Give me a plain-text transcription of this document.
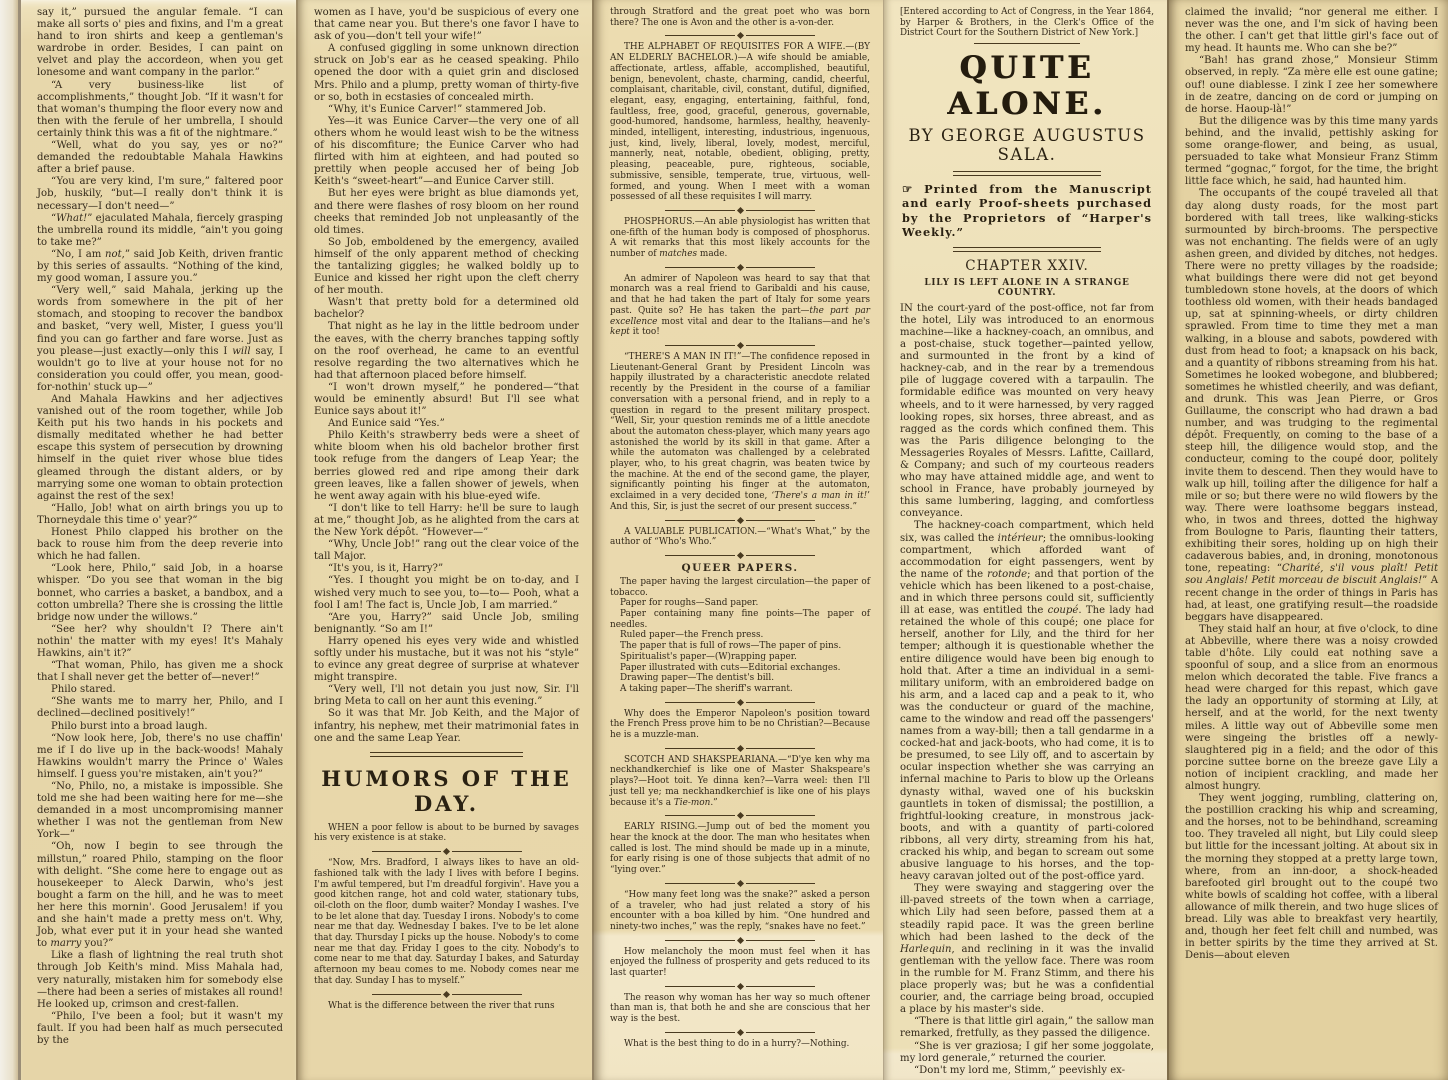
say it,” pursued the angular female. “I can make all sorts o' pies and fixins, and I'm a great hand to iron shirts and keep a gentleman's wardrobe in order. Besides, I can paint on velvet and play the accordeon, when you get lonesome and want company in the parlor.”
“A very business-like list of accomplishments,” thought Job. “If it wasn't for that woman's thumping the floor every now and then with the ferule of her umbrella, I should certainly think this was a fit of the nightmare.”
“Well, what do you say, yes or no?” demanded the redoubtable Mahala Hawkins after a brief pause.
“You are very kind, I'm sure,” faltered poor Job, huskily, “but—I really don't think it is necessary—I don't need—”
“What!” ejaculated Mahala, fiercely grasping the umbrella round its middle, “ain't you going to take me?”
“No, I am not,” said Job Keith, driven frantic by this series of assaults. “Nothing of the kind, my good woman, I assure you.”
“Very well,” said Mahala, jerking up the words from somewhere in the pit of her stomach, and stooping to recover the bandbox and basket, “very well, Mister, I guess you'll find you can go farther and fare worse. Just as you please—just exactly—only this I will say, I wouldn't go to live at your house not for no consideration you could offer, you mean, good-for-nothin' stuck up—”
And Mahala Hawkins and her adjectives vanished out of the room together, while Job Keith put his two hands in his pockets and dismally meditated whether he had better escape this system of persecution by drowning himself in the quiet river whose blue tides gleamed through the distant alders, or by marrying some one woman to obtain protection against the rest of the sex!
“Hallo, Job! what on airth brings you up to Thorneydale this time o' year?”
Honest Philo clapped his brother on the back to rouse him from the deep reverie into which he had fallen.
“Look here, Philo,” said Job, in a hoarse whisper. “Do you see that woman in the big bonnet, who carries a basket, a bandbox, and a cotton umbrella? There she is crossing the little bridge now under the willows.”
“See her? why shouldn't I? There ain't nothin' the matter with my eyes! It's Mahaly Hawkins, ain't it?”
“That woman, Philo, has given me a shock that I shall never get the better of—never!”
Philo stared.
“She wants me to marry her, Philo, and I declined—declined positively!”
Philo burst into a broad laugh.
“Now look here, Job, there's no use chaffin' me if I do live up in the back-woods! Mahaly Hawkins wouldn't marry the Prince o' Wales himself. I guess you're mistaken, ain't you?”
“No, Philo, no, a mistake is impossible. She told me she had been waiting here for me—she demanded in a most uncompromising manner whether I was not the gentleman from New York—”
“Oh, now I begin to see through the millstun,” roared Philo, stamping on the floor with delight. “She come here to engage out as housekeeper to Aleck Darwin, who's jest bought a farm on the hill, and he was to meet her here this mornin'. Good Jerusalem! if you and she hain't made a pretty mess on't. Why, Job, what ever put it in your head she wanted to marry you?”
Like a flash of lightning the real truth shot through Job Keith's mind. Miss Mahala had, very naturally, mistaken him for somebody else—there had been a series of mistakes all round! He looked up, crimson and crest-fallen.
“Philo, I've been a fool; but it wasn't my fault. If you had been half as much persecuted by the
women as I have, you'd be suspicious of every one that came near you. But there's one favor I have to ask of you—don't tell your wife!”
A confused giggling in some unknown direction struck on Job's ear as he ceased speaking. Philo opened the door with a quiet grin and disclosed Mrs. Philo and a plump, pretty woman of thirty-five or so, both in ecstasies of concealed mirth.
“Why, it's Eunice Carver!” stammered Job.
Yes—it was Eunice Carver—the very one of all others whom he would least wish to be the witness of his discomfiture; the Eunice Carver who had flirted with him at eighteen, and had pouted so prettily when people accused her of being Job Keith's “sweet-heart”—and Eunice Carver still.
But her eyes were bright as blue diamonds yet, and there were flashes of rosy bloom on her round cheeks that reminded Job not unpleasantly of the old times.
So Job, emboldened by the emergency, availed himself of the only apparent method of checking the tantalizing giggles; he walked boldly up to Eunice and kissed her right upon the cleft cherry of her mouth.
Wasn't that pretty bold for a determined old bachelor?
That night as he lay in the little bedroom under the eaves, with the cherry branches tapping softly on the roof overhead, he came to an eventful resolve regarding the two alternatives which he had that afternoon placed before himself.
“I won't drown myself,” he pondered—“that would be eminently absurd! But I'll see what Eunice says about it!”
And Eunice said “Yes.”
Philo Keith's strawberry beds were a sheet of white bloom when his old bachelor brother first took refuge from the dangers of Leap Year; the berries glowed red and ripe among their dark green leaves, like a fallen shower of jewels, when he went away again with his blue-eyed wife.
“I don't like to tell Harry: he'll be sure to laugh at me,” thought Job, as he alighted from the cars at the New York dépôt. “However—”
“Why, Uncle Job!” rang out the clear voice of the tall Major.
“It's you, is it, Harry?”
“Yes. I thought you might be on to-day, and I wished very much to see you, to—to— Pooh, what a fool I am! The fact is, Uncle Job, I am married.”
“Are you, Harry?” said Uncle Job, smiling benignantly. “So am I!”
Harry opened his eyes very wide and whistled softly under his mustache, but it was not his “style” to evince any great degree of surprise at whatever might transpire.
“Very well, I'll not detain you just now, Sir. I'll bring Meta to call on her aunt this evening.”
So it was that Mr. Job Keith, and the Major of infantry, his nephew, met their matrimonial fates in one and the same Leap Year.
HUMORS OF THE DAY.
WHEN a poor fellow is about to be burned by savages his very existence is at stake.
“Now, Mrs. Bradford, I always likes to have an old-fashioned talk with the lady I lives with before I begins. I'm awful tempered, but I'm dreadful forgivin'. Have you a good kitchen range, hot and cold water, stationary tubs, oil-cloth on the floor, dumb waiter? Monday I washes. I've to be let alone that day. Tuesday I irons. Nobody's to come near me that day. Wednesday I bakes. I've to be let alone that day. Thursday I picks up the house. Nobody's to come near me that day. Friday I goes to the city. Nobody's to come near to me that day. Saturday I bakes, and Saturday afternoon my beau comes to me. Nobody comes near me that day. Sunday I has to myself.”
What is the difference between the river that runs
through Stratford and the great poet who was born there? The one is Avon and the other is a-von-der.
THE ALPHABET OF REQUISITES FOR A WIFE.—(BY AN ELDERLY BACHELOR.)—A wife should be amiable, affectionate, artless, affable, accomplished, beautiful, benign, benevolent, chaste, charming, candid, cheerful, complaisant, charitable, civil, constant, dutiful, dignified, elegant, easy, engaging, entertaining, faithful, fond, faultless, free, good, graceful, generous, governable, good-humored, handsome, harmless, healthy, heavenly-minded, intelligent, interesting, industrious, ingenuous, just, kind, lively, liberal, lovely, modest, merciful, mannerly, neat, notable, obedient, obliging, pretty, pleasing, peaceable, pure, righteous, sociable, submissive, sensible, temperate, true, virtuous, well-formed, and young. When I meet with a woman possessed of all these requisites I will marry.
PHOSPHORUS.—An able physiologist has written that one-fifth of the human body is composed of phosphorus. A wit remarks that this most likely accounts for the number of matches made.
An admirer of Napoleon was heard to say that that monarch was a real friend to Garibaldi and his cause, and that he had taken the part of Italy for some years past. Quite so? He has taken the part—the part par excellence most vital and dear to the Italians—and he's kept it too!
“THERE'S A MAN IN IT!”—The confidence reposed in Lieutenant-General Grant by President Lincoln was happily illustrated by a characteristic anecdote related recently by the President in the course of a familiar conversation with a personal friend, and in reply to a question in regard to the present military prospect. “Well, Sir, your question reminds me of a little anecdote about the automaton chess-player, which many years ago astonished the world by its skill in that game. After a while the automaton was challenged by a celebrated player, who, to his great chagrin, was beaten twice by the machine. At the end of the second game, the player, significantly pointing his finger at the automaton, exclaimed in a very decided tone, ‘There's a man in it!’ And this, Sir, is just the secret of our present success.”
A VALUABLE PUBLICATION.—“What's What,” by the author of “Who's Who.”
QUEER PAPERS.
The paper having the largest circulation—the paper of tobacco.
Paper for roughs—Sand paper.
Paper containing many fine points—The paper of needles.
Ruled paper—the French press.
The paper that is full of rows—The paper of pins.
Spiritualist's paper—(W)rapping paper.
Paper illustrated with cuts—Editorial exchanges.
Drawing paper—The dentist's bill.
A taking paper—The sheriff's warrant.
Why does the Emperor Napoleon's position toward the French Press prove him to be no Christian?—Because he is a muzzle-man.
SCOTCH AND SHAKSPEARIANA.—“D'ye ken why ma neckhandkerchief is like one of Master Shakspeare's plays?—Hoot toit. Ye dinna ken?—Varra weel: then I'll just tell ye; ma neckhandkerchief is like one of his plays because it's a Tie-mon.”
EARLY RISING.—Jump out of bed the moment you hear the knock at the door. The man who hesitates when called is lost. The mind should be made up in a minute, for early rising is one of those subjects that admit of no “lying over.”
“How many feet long was the snake?” asked a person of a traveler, who had just related a story of his encounter with a boa killed by him. “One hundred and ninety-two inches,” was the reply, “snakes have no feet.”
How melancholy the moon must feel when it has enjoyed the fullness of prosperity and gets reduced to its last quarter!
The reason why woman has her way so much oftener than man is, that both he and she are conscious that her way is the best.
What is the best thing to do in a hurry?—Nothing.
[Entered according to Act of Congress, in the Year 1864, by Harper & Brothers, in the Clerk's Office of the District Court for the Southern District of New York.]
QUITE ALONE.
BY GEORGE AUGUSTUS SALA.
☞ Printed from the Manuscript and early Proof-sheets purchased by the Proprietors of “Harper's Weekly.”
CHAPTER XXIV.
LILY IS LEFT ALONE IN A STRANGE COUNTRY.
IN the court-yard of the post-office, not far from the hotel, Lily was introduced to an enormous machine—like a hackney-coach, an omnibus, and a post-chaise, stuck together—painted yellow, and surmounted in the front by a kind of hackney-cab, and in the rear by a tremendous pile of luggage covered with a tarpaulin. The formidable edifice was mounted on very heavy wheels, and to it were harnessed, by very ragged looking ropes, six horses, three abreast, and as ragged as the cords which confined them. This was the Paris diligence belonging to the Messageries Royales of Messrs. Lafitte, Caillard, & Company; and such of my courteous readers who may have attained middle age, and went to school in France, have probably journeyed by this same lumbering, lagging, and comfortless conveyance.
The hackney-coach compartment, which held six, was called the intérieur; the omnibus-looking compartment, which afforded want of accommodation for eight passengers, went by the name of the rotonde; and that portion of the vehicle which has been likened to a post-chaise, and in which three persons could sit, sufficiently ill at ease, was entitled the coupé. The lady had retained the whole of this coupé; one place for herself, another for Lily, and the third for her temper; although it is questionable whether the entire diligence would have been big enough to hold that. After a time an individual in a semi-military uniform, with an embroidered badge on his arm, and a laced cap and a peak to it, who was the conducteur or guard of the machine, came to the window and read off the passengers' names from a way-bill; then a tall gendarme in a cocked-hat and jack-boots, who had come, it is to be presumed, to see Lily off, and to ascertain by ocular inspection whether she was carrying an infernal machine to Paris to blow up the Orleans dynasty withal, waved one of his buckskin gauntlets in token of dismissal; the postillion, a frightful-looking creature, in monstrous jack-boots, and with a quantity of parti-colored ribbons, all very dirty, streaming from his hat, cracked his whip, and began to scream out some abusive language to his horses, and the top-heavy caravan jolted out of the post-office yard.
They were swaying and staggering over the ill-paved streets of the town when a carriage, which Lily had seen before, passed them at a steadily rapid pace. It was the green berline which had been lashed to the deck of the Harlequin, and reclining in it was the invalid gentleman with the yellow face. There was room in the rumble for M. Franz Stimm, and there his place properly was; but he was a confidential courier, and, the carriage being broad, occupied a place by his master's side.
“There is that little girl again,” the sallow man remarked, fretfully, as they passed the diligence.
“She is ver graziosa; I gif her some joggolate, my lord generale,” returned the courier.
“Don't my lord me, Stimm,” peevishly ex-
claimed the invalid; “nor general me either. I never was the one, and I'm sick of having been the other. I can't get that little girl's face out of my head. It haunts me. Who can she be?”
“Bah! has grand zhose,” Monsieur Stimm observed, in reply. “Za mère elle est oune gatine; ouf! oune diablesse. I zink I zee her somewhere in de zeatre, dancing on de cord or jumping on de horse. Haoup-là!”
But the diligence was by this time many yards behind, and the invalid, pettishly asking for some orange-flower, and being, as usual, persuaded to take what Monsieur Franz Stimm termed “gognac,” forgot, for the time, the bright little face which, he said, had haunted him.
The occupants of the coupé traveled all that day along dusty roads, for the most part bordered with tall trees, like walking-sticks surmounted by birch-brooms. The perspective was not enchanting. The fields were of an ugly ashen green, and divided by ditches, not hedges. There were no pretty villages by the roadside; what buildings there were did not get beyond tumbledown stone hovels, at the doors of which toothless old women, with their heads bandaged up, sat at spinning-wheels, or dirty children sprawled. From time to time they met a man walking, in a blouse and sabots, powdered with dust from head to foot; a knapsack on his back, and a quantity of ribbons streaming from his hat. Sometimes he looked wobegone, and blubbered; sometimes he whistled cheerily, and was defiant, and drunk. This was Jean Pierre, or Gros Guillaume, the conscript who had drawn a bad number, and was trudging to the regimental dépôt. Frequently, on coming to the base of a steep hill, the diligence would stop, and the conducteur, coming to the coupé door, politely invite them to descend. Then they would have to walk up hill, toiling after the diligence for half a mile or so; but there were no wild flowers by the way. There were loathsome beggars instead, who, in twos and threes, dotted the highway from Boulogne to Paris, flaunting their tatters, exhibiting their sores, holding up on high their cadaverous babies, and, in droning, monotonous tone, repeating: “Charité, s'il vous plaît! Petit sou Anglais! Petit morceau de biscuit Anglais!” A recent change in the order of things in Paris has had, at least, one gratifying result—the roadside beggars have disappeared.
They staid half an hour, at five o'clock, to dine at Abbeville, where there was a noisy crowded table d'hôte. Lily could eat nothing save a spoonful of soup, and a slice from an enormous melon which decorated the table. Five francs a head were charged for this repast, which gave the lady an opportunity of storming at Lily, at herself, and at the world, for the next twenty miles. A little way out of Abbeville some men were singeing the bristles off a newly-slaughtered pig in a field; and the odor of this porcine suttee borne on the breeze gave Lily a notion of incipient crackling, and made her almost hungry.
They went jogging, rumbling, clattering on, the postillion cracking his whip and screaming, and the horses, not to be behindhand, screaming too. They traveled all night, but Lily could sleep but little for the incessant jolting. At about six in the morning they stopped at a pretty large town, where, from an inn-door, a shock-headed barefooted girl brought out to the coupé two white bowls of scalding hot coffee, with a liberal allowance of milk therein, and two huge slices of bread. Lily was able to breakfast very heartily, and, though her feet felt chill and numbed, was in better spirits by the time they arrived at St. Denis—about eleven
